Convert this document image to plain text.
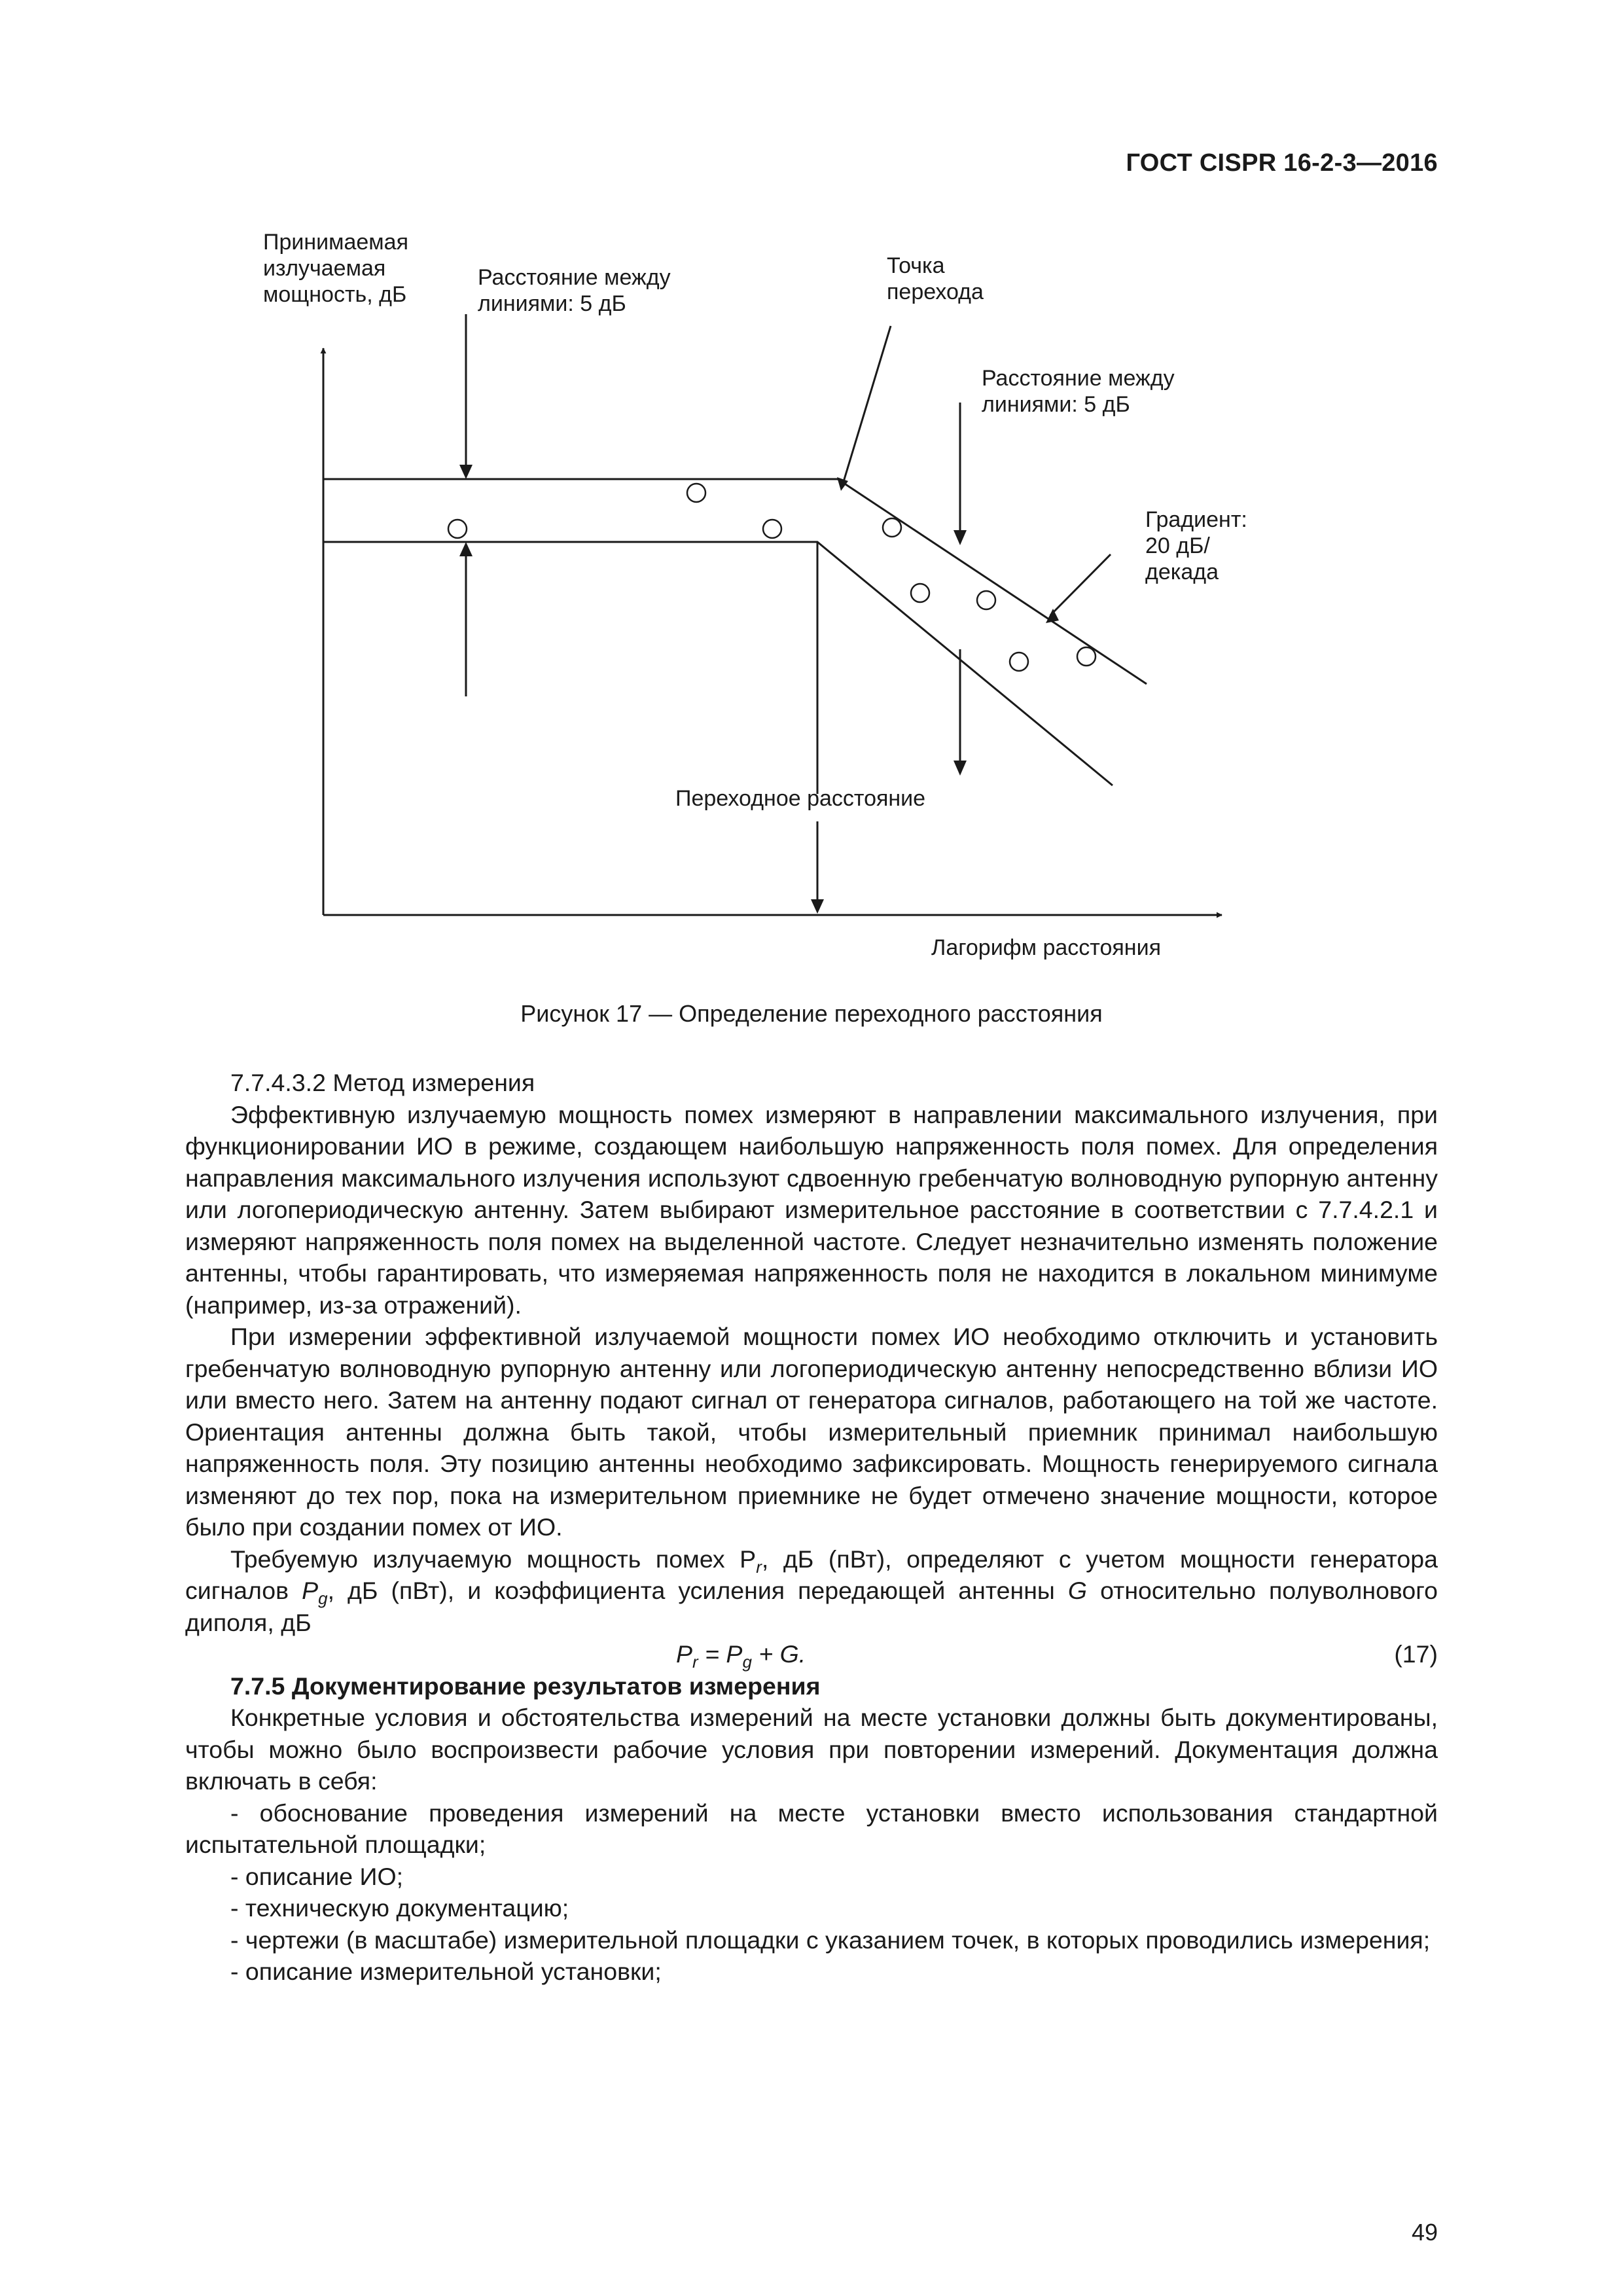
ГОСТ CISPR 16-2-3—2016
Принимаемая
излучаемая
мощность, дБ
Расстояние между
линиями: 5 дБ
Точка
перехода
Расстояние между
линиями: 5 дБ
Градиент:
20 дБ/декада
Переходное расстояние
Лагорифм расстояния
Рисунок 17 — Определение переходного расстояния

7.7.4.3.2 Метод измерения

Эффективную излучаемую мощность помех измеряют в направлении максимального излучения, при функционировании ИО в режиме, создающем наибольшую напряженность поля помех. Для определения направления максимального излучения используют сдвоенную гребенчатую волноводную рупорную антенну или логопериодическую антенну. Затем выбирают измерительное расстояние в соответствии с 7.7.4.2.1 и измеряют напряженность поля помех на выделенной частоте. Следует незначительно изменять положение антенны, чтобы гарантировать, что измеряемая напряженность поля не находится в локальном минимуме (например, из-за отражений).

При измерении эффективной излучаемой мощности помех ИО необходимо отключить и установить гребенчатую волноводную рупорную антенну или логопериодическую антенну непосредственно вблизи ИО или вместо него. Затем на антенну подают сигнал от генератора сигналов, работающего на той же частоте. Ориентация антенны должна быть такой, чтобы измерительный приемник принимал наибольшую напряженность поля. Эту позицию антенны необходимо зафиксировать. Мощность генерируемого сигнала изменяют до тех пор, пока на измерительном приемнике не будет отмечено значение мощности, которое было при создании помех от ИО.

Требуемую излучаемую мощность помех $P_r$, дБ (пВт), определяют с учетом мощности генератора сигналов $P_g$, дБ (пВт), и коэффициента усиления передающей антенны G относительно полуволнового диполя, дБ

$P_r = P_g + G$.	(17)

7.7.5 Документирование результатов измерения

Конкретные условия и обстоятельства измерений на месте установки должны быть документированы, чтобы можно было воспроизвести рабочие условия при повторении измерений. Документация должна включать в себя:

- обоснование проведения измерений на месте установки вместо использования стандартной испытательной площадки;

- описание ИО;

- техническую документацию;

- чертежи (в масштабе) измерительной площадки с указанием точек, в которых проводились измерения;

- описание измерительной установки;

49
